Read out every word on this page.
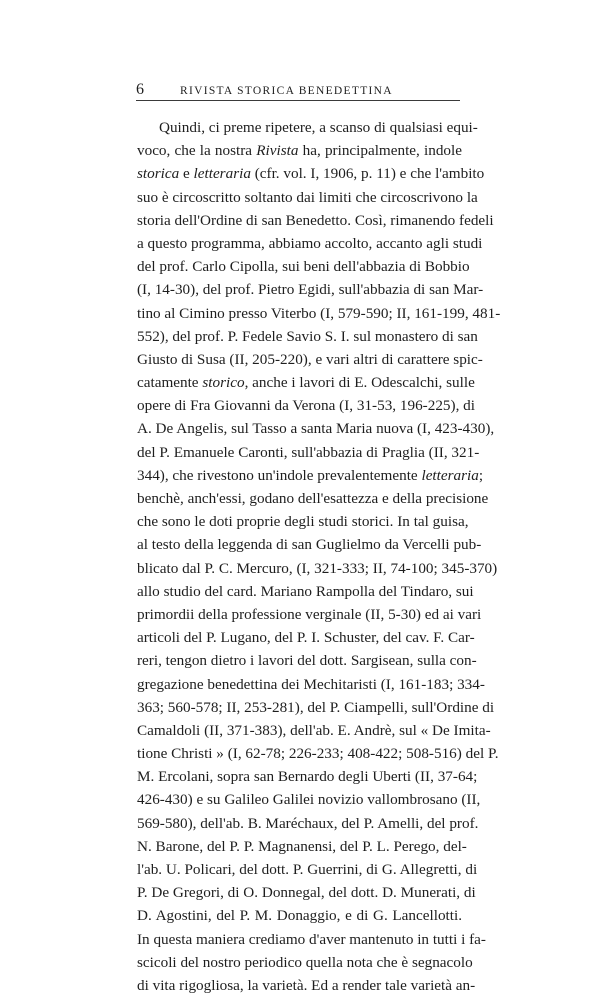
6	RIVISTA STORICA BENEDETTINA
Quindi, ci preme ripetere, a scanso di qualsiasi equi-
voco, che la nostra Rivista ha, principalmente, indole
storica e letteraria (cfr. vol. I, 1906, p. 11) e che l'ambito
suo è circoscritto soltanto dai limiti che circoscrivono la
storia dell'Ordine di san Benedetto. Così, rimanendo fedeli
a questo programma, abbiamo accolto, accanto agli studi
del prof. Carlo Cipolla, sui beni dell'abbazia di Bobbio
(I, 14-30), del prof. Pietro Egidi, sull'abbazia di san Mar-
tino al Cimino presso Viterbo (I, 579-590; II, 161-199, 481-
552), del prof. P. Fedele Savio S. I. sul monastero di san
Giusto di Susa (II, 205-220), e vari altri di carattere spic-
catamente storico, anche i lavori di E. Odescalchi, sulle
opere di Fra Giovanni da Verona (I, 31-53, 196-225), di
A. De Angelis, sul Tasso a santa Maria nuova (I, 423-430),
del P. Emanuele Caronti, sull'abbazia di Praglia (II, 321-
344), che rivestono un'indole prevalentemente letteraria;
benchè, anch'essi, godano dell'esattezza e della precisione
che sono le doti proprie degli studi storici. In tal guisa,
al testo della leggenda di san Guglielmo da Vercelli pub-
blicato dal P. C. Mercuro, (I, 321-333; II, 74-100; 345-370)
allo studio del card. Mariano Rampolla del Tindaro, sui
primordii della professione verginale (II, 5-30) ed ai vari
articoli del P. Lugano, del P. I. Schuster, del cav. F. Car-
reri, tengon dietro i lavori del dott. Sargisean, sulla con-
gregazione benedettina dei Mechitaristi (I, 161-183; 334-
363; 560-578; II, 253-281), del P. Ciampelli, sull'Ordine di
Camaldoli (II, 371-383), dell'ab. E. Andrè, sul « De Imita-
tione Christi » (I, 62-78; 226-233; 408-422; 508-516) del P.
M. Ercolani, sopra san Bernardo degli Uberti (II, 37-64;
426-430) e su Galileo Galilei novizio vallombrosano (II,
569-580), dell'ab. B. Maréchaux, del P. Amelli, del prof.
N. Barone, del P. P. Magnanensi, del P. L. Perego, del-
l'ab. U. Policari, del dott. P. Guerrini, di G. Allegretti, di
P. De Gregori, di O. Donnegal, del dott. D. Munerati, di
D. Agostini, del P. M. Donaggio, e di G. Lancellotti.
In questa maniera crediamo d'aver mantenuto in tutti i fa-
scicoli del nostro periodico quella nota che è segnacolo
di vita rigogliosa, la varietà. Ed a render tale varietà an-
